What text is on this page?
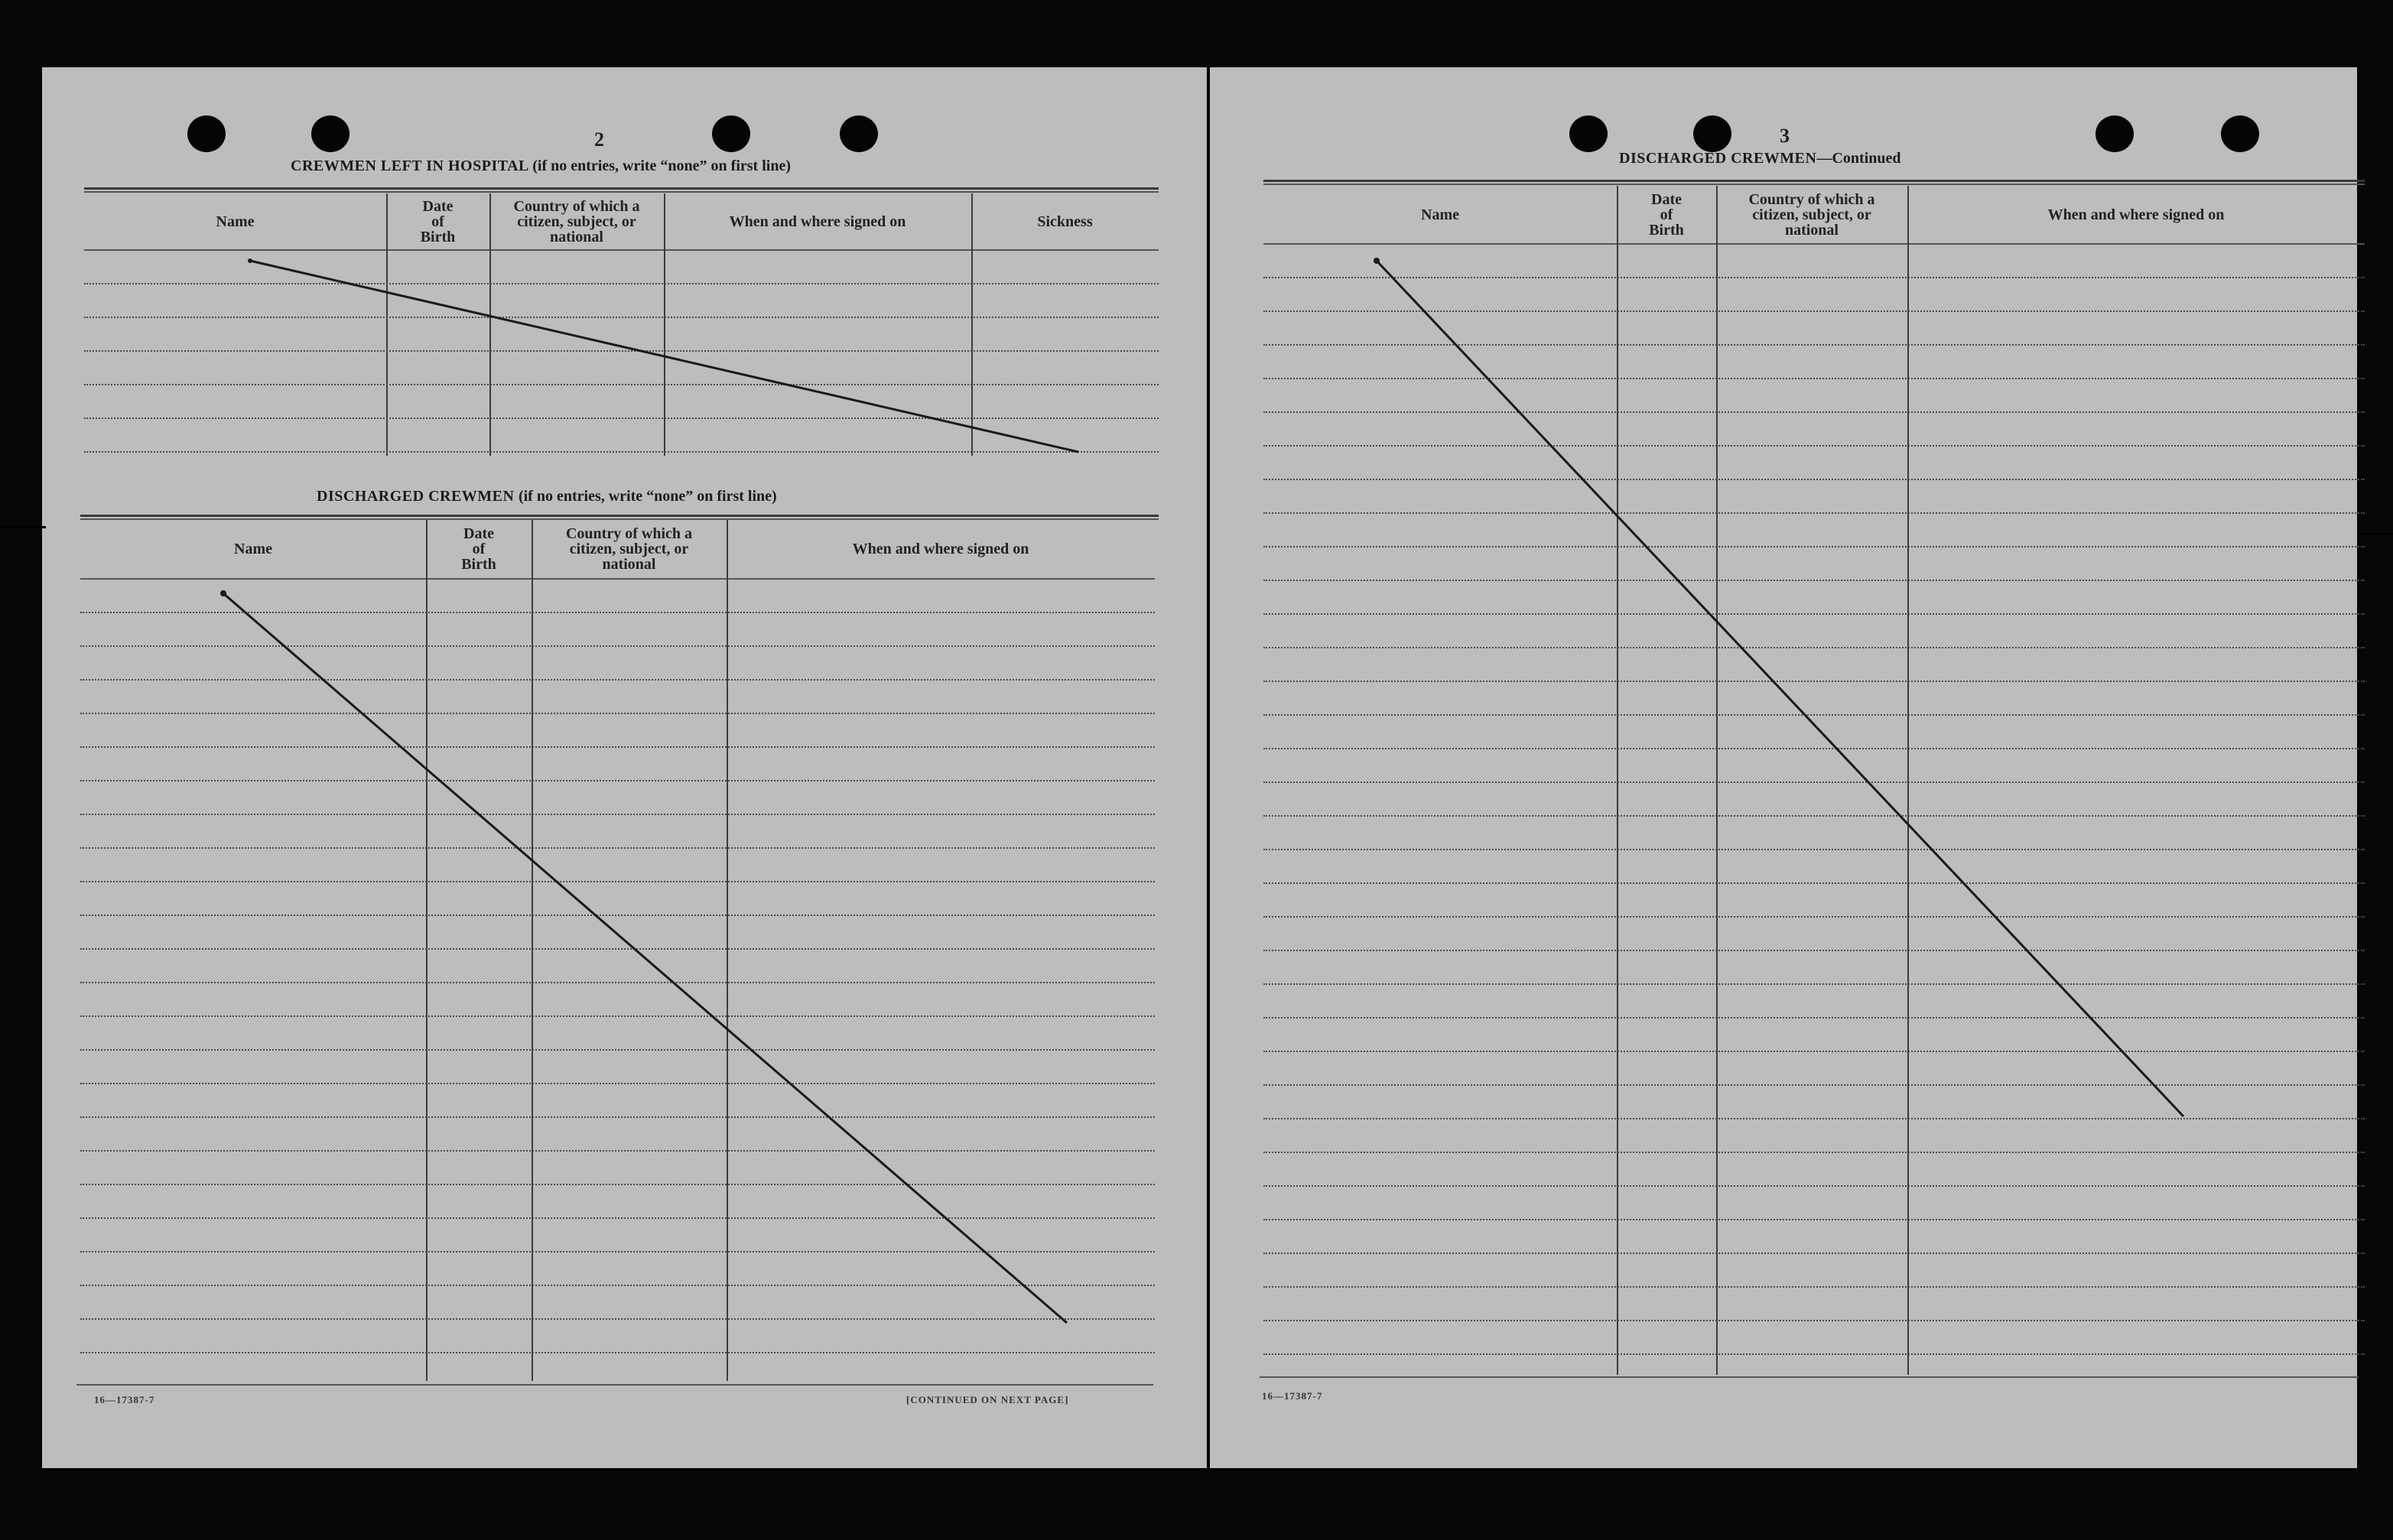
2
CREWMEN LEFT IN HOSPITAL (if no entries, write “none” on first line)
Name
Date
of
Birth
Country of which a
citizen, subject, or
national
When and where signed on	Sickness
DISCHARGED CREWMEN (if no entries, write “none” on first line)
Name
Date
of
Birth
Country of which a
citizen, subject, or
national
When and where signed on
16—17387-7	[CONTINUED ON NEXT PAGE]
3
DISCHARGED CREWMEN—Continued
Name
Date
of
Birth
Country of which a
citizen, subject, or
national
When and where signed on
16—17387-7
